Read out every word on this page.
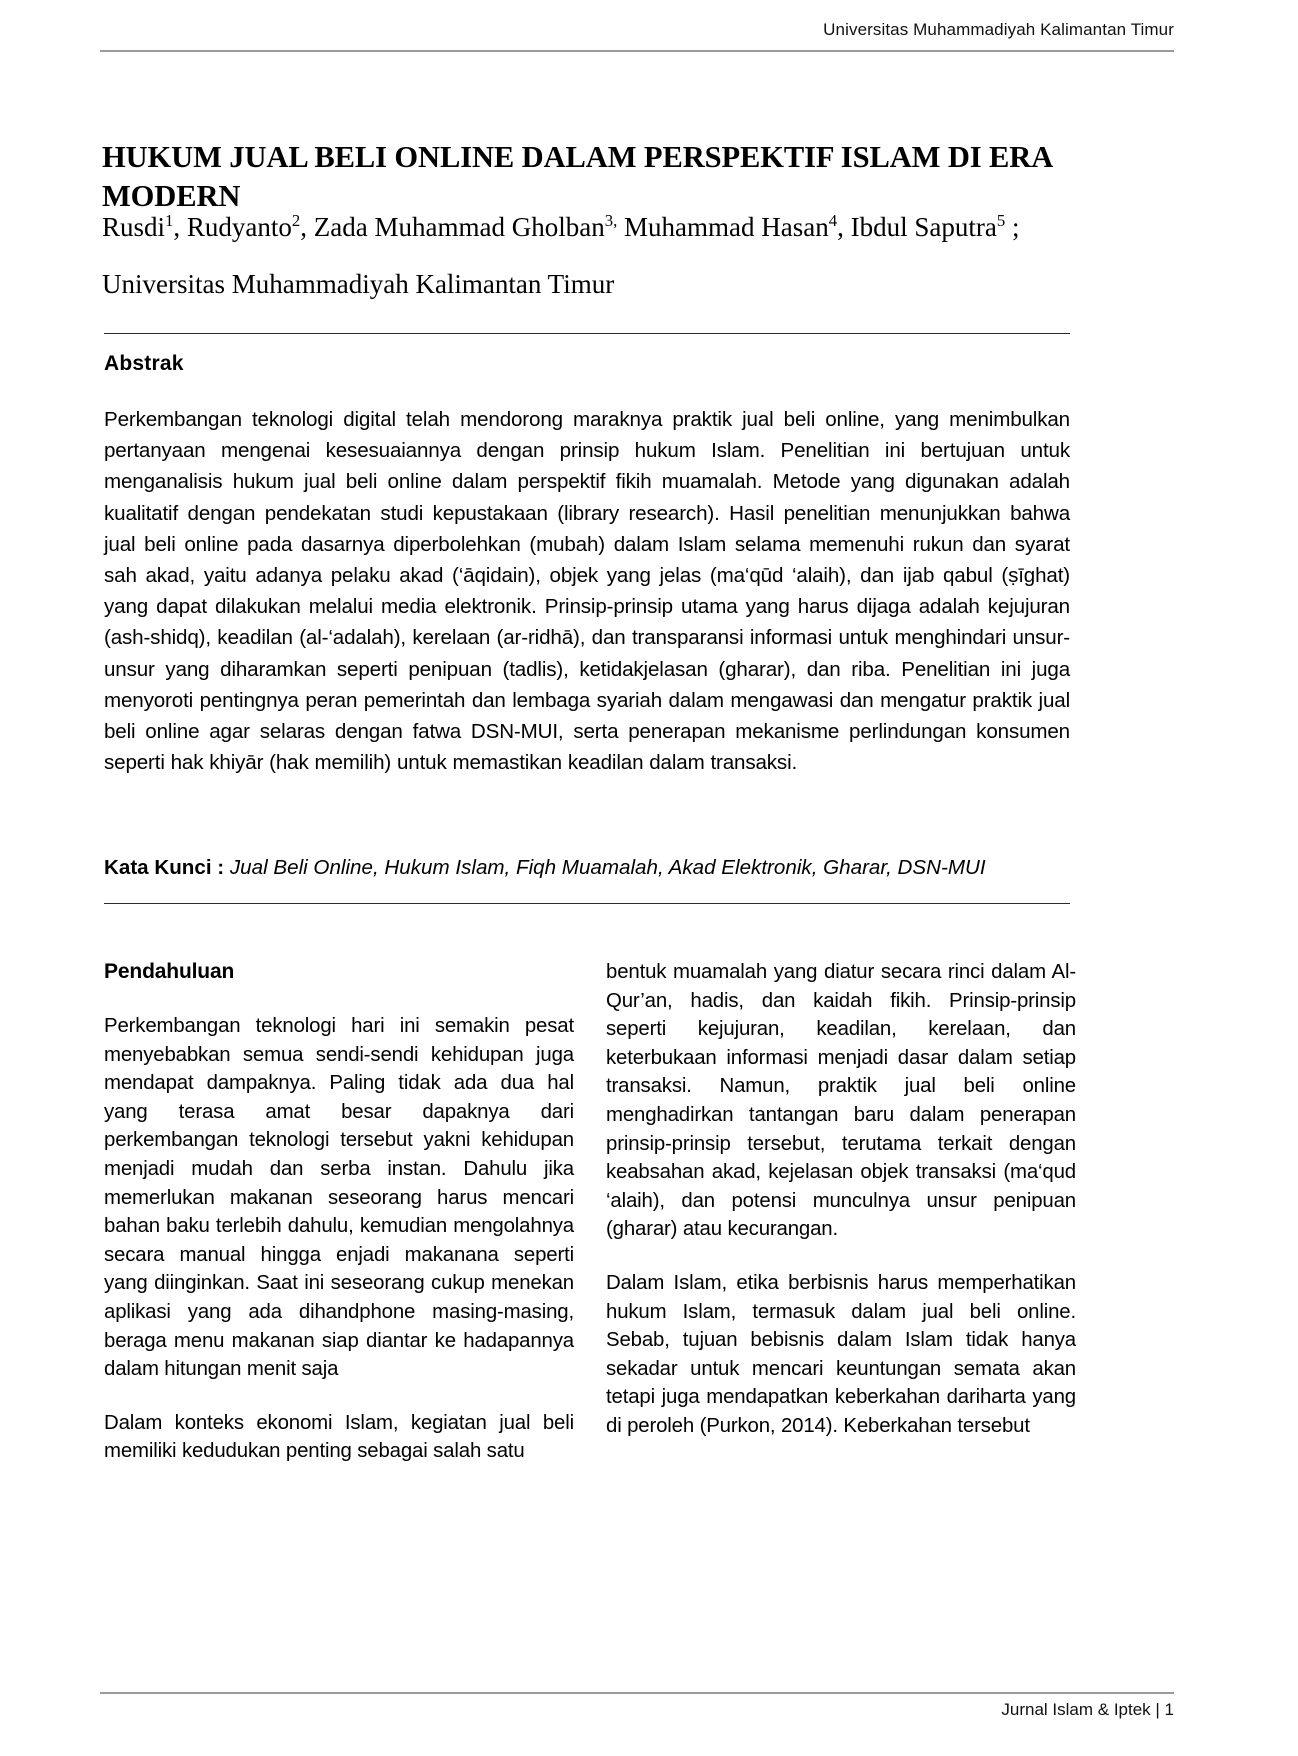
Universitas Muhammadiyah Kalimantan Timur
HUKUM JUAL BELI ONLINE DALAM PERSPEKTIF ISLAM DI ERA MODERN
Rusdi$^1$, Rudyanto$^2$, Zada Muhammad Gholban$^{3,}$ Muhammad Hasan$^4$, Ibdul Saputra$^5$ ;
Universitas Muhammadiyah Kalimantan Timur
Abstrak
Perkembangan teknologi digital telah mendorong maraknya praktik jual beli online, yang menimbulkan pertanyaan mengenai kesesuaiannya dengan prinsip hukum Islam. Penelitian ini bertujuan untuk menganalisis hukum jual beli online dalam perspektif fikih muamalah. Metode yang digunakan adalah kualitatif dengan pendekatan studi kepustakaan (library research). Hasil penelitian menunjukkan bahwa jual beli online pada dasarnya diperbolehkan (mubah) dalam Islam selama memenuhi rukun dan syarat sah akad, yaitu adanya pelaku akad (‘āqidain), objek yang jelas (ma‘qūd ‘alaih), dan ijab qabul (ṣīghat) yang dapat dilakukan melalui media elektronik. Prinsip-prinsip utama yang harus dijaga adalah kejujuran (ash-shidq), keadilan (al-‘adalah), kerelaan (ar-ridhā), dan transparansi informasi untuk menghindari unsur-unsur yang diharamkan seperti penipuan (tadlis), ketidakjelasan (gharar), dan riba. Penelitian ini juga menyoroti pentingnya peran pemerintah dan lembaga syariah dalam mengawasi dan mengatur praktik jual beli online agar selaras dengan fatwa DSN-MUI, serta penerapan mekanisme perlindungan konsumen seperti hak khiyār (hak memilih) untuk memastikan keadilan dalam transaksi.
Kata Kunci : Jual Beli Online, Hukum Islam, Fiqh Muamalah, Akad Elektronik, Gharar, DSN-MUI
Pendahuluan

Perkembangan teknologi hari ini semakin pesat menyebabkan semua sendi-sendi kehidupan juga mendapat dampaknya. Paling tidak ada dua hal yang terasa amat besar dapaknya dari perkembangan teknologi tersebut yakni kehidupan menjadi mudah dan serba instan. Dahulu jika memerlukan makanan seseorang harus mencari bahan baku terlebih dahulu, kemudian mengolahnya secara manual hingga enjadi makanana seperti yang diinginkan. Saat ini seseorang cukup menekan aplikasi yang ada dihandphone masing-masing, beraga menu makanan siap diantar ke hadapannya dalam hitungan menit saja

Dalam konteks ekonomi Islam, kegiatan jual beli memiliki kedudukan penting sebagai salah satu

bentuk muamalah yang diatur secara rinci dalam Al-Qur’an, hadis, dan kaidah fikih. Prinsip-prinsip seperti kejujuran, keadilan, kerelaan, dan keterbukaan informasi menjadi dasar dalam setiap transaksi. Namun, praktik jual beli online menghadirkan tantangan baru dalam penerapan prinsip-prinsip tersebut, terutama terkait dengan keabsahan akad, kejelasan objek transaksi (ma‘qud ‘alaih), dan potensi munculnya unsur penipuan (gharar) atau kecurangan.

Dalam Islam, etika berbisnis harus memperhatikan hukum Islam, termasuk dalam jual beli online. Sebab, tujuan bebisnis dalam Islam tidak hanya sekadar untuk mencari keuntungan semata akan tetapi juga mendapatkan keberkahan dariharta yang di peroleh (Purkon, 2014). Keberkahan tersebut

Jurnal Islam & Iptek | 1
